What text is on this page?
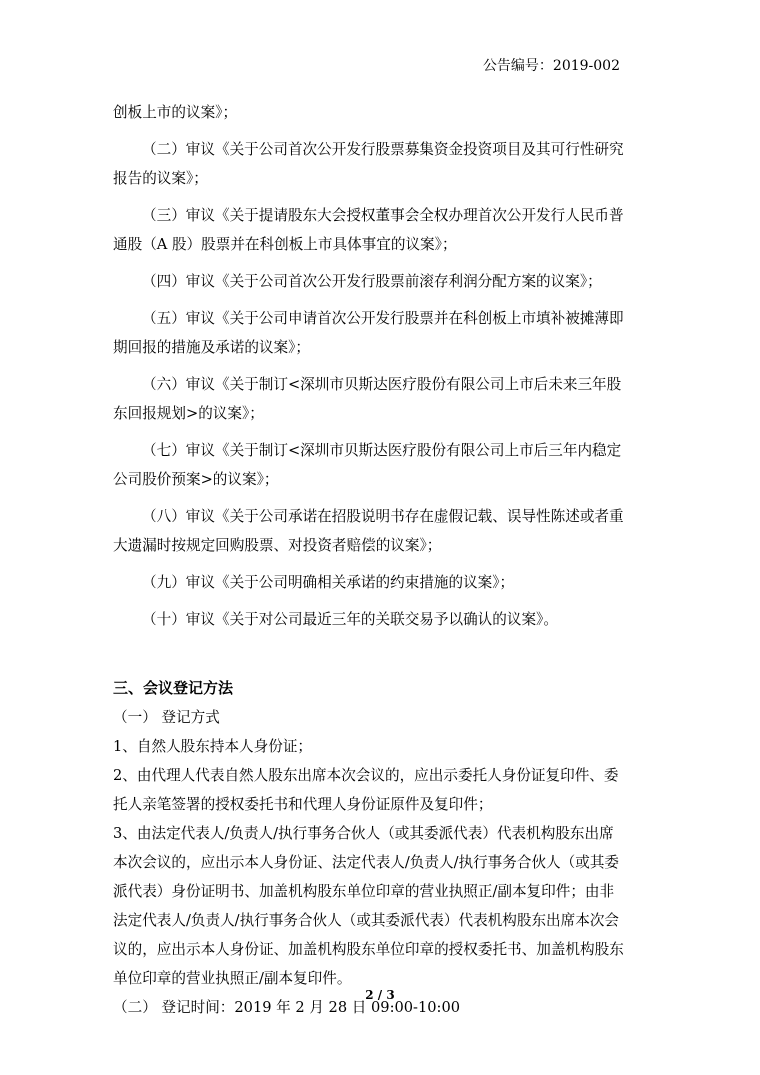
公告编号：2019-002
创板上市的议案》；
（二）审议《关于公司首次公开发行股票募集资金投资项目及其可行性研究
报告的议案》；
（三）审议《关于提请股东大会授权董事会全权办理首次公开发行人民币普
通股（A 股）股票并在科创板上市具体事宜的议案》；
（四）审议《关于公司首次公开发行股票前滚存利润分配方案的议案》；
（五）审议《关于公司申请首次公开发行股票并在科创板上市填补被摊薄即
期回报的措施及承诺的议案》；
（六）审议《关于制订<深圳市贝斯达医疗股份有限公司上市后未来三年股
东回报规划>的议案》；
（七）审议《关于制订<深圳市贝斯达医疗股份有限公司上市后三年内稳定
公司股价预案>的议案》；
（八）审议《关于公司承诺在招股说明书存在虚假记载、误导性陈述或者重
大遗漏时按规定回购股票、对投资者赔偿的议案》；
（九）审议《关于公司明确相关承诺的约束措施的议案》；
（十）审议《关于对公司最近三年的关联交易予以确认的议案》。
三、会议登记方法
（一） 登记方式
1、自然人股东持本人身份证；
2、由代理人代表自然人股东出席本次会议的，应出示委托人身份证复印件、委
托人亲笔签署的授权委托书和代理人身份证原件及复印件；
3、由法定代表人/负责人/执行事务合伙人（或其委派代表）代表机构股东出席
本次会议的，应出示本人身份证、法定代表人/负责人/执行事务合伙人（或其委
派代表）身份证明书、加盖机构股东单位印章的营业执照正/副本复印件；由非
法定代表人/负责人/执行事务合伙人（或其委派代表）代表机构股东出席本次会
议的，应出示本人身份证、加盖机构股东单位印章的授权委托书、加盖机构股东
单位印章的营业执照正/副本复印件。
（二） 登记时间：2019 年 2 月 28 日 09:00-10:00
2 / 3
